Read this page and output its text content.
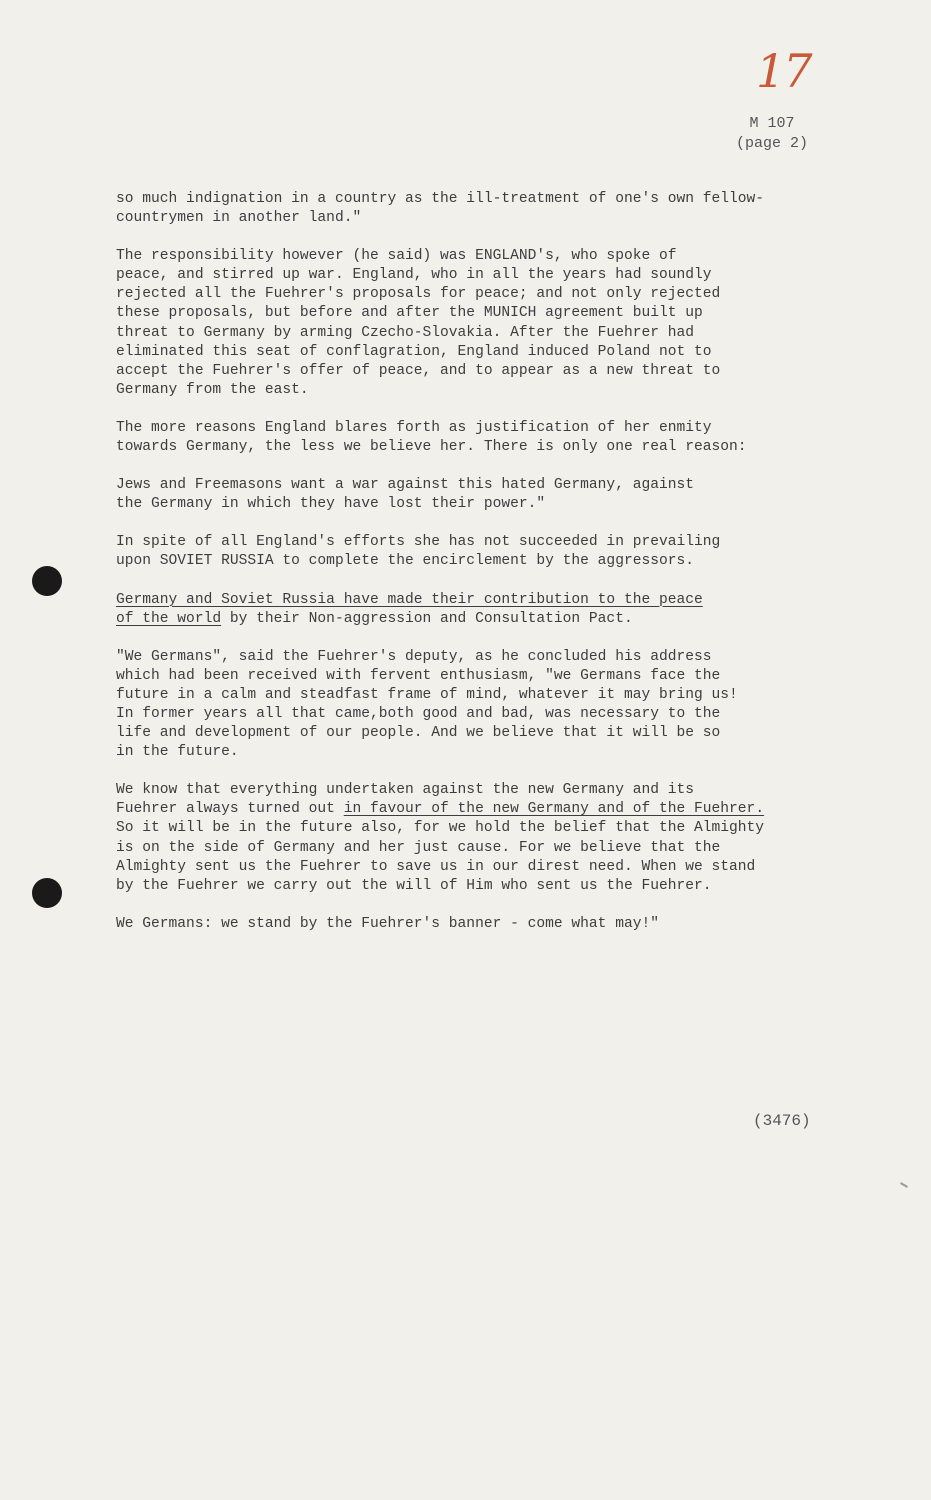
17
M 107
(page 2)

so much indignation in a country as the ill-treatment of one's own fellow-
countrymen in another land."

The responsibility however (he said) was ENGLAND's, who spoke of
peace, and stirred up war. England, who in all the years had soundly
rejected all the Fuehrer's proposals for peace; and not only rejected
these proposals, but before and after the MUNICH agreement built up
threat to Germany by arming Czecho-Slovakia. After the Fuehrer had
eliminated this seat of conflagration, England induced Poland not to
accept the Fuehrer's offer of peace, and to appear as a new threat to
Germany from the east.

The more reasons England blares forth as justification of her enmity
towards Germany, the less we believe her. There is only one real reason:

Jews and Freemasons want a war against this hated Germany, against
the Germany in which they have lost their power."

In spite of all England's efforts she has not succeeded in prevailing
upon SOVIET RUSSIA to complete the encirclement by the aggressors.

Germany and Soviet Russia have made their contribution to the peace
of the world by their Non-aggression and Consultation Pact.

"We Germans", said the Fuehrer's deputy, as he concluded his address
which had been received with fervent enthusiasm, "we Germans face the
future in a calm and steadfast frame of mind, whatever it may bring us!
In former years all that came,both good and bad, was necessary to the
life and development of our people. And we believe that it will be so
in the future.

We know that everything undertaken against the new Germany and its
Fuehrer always turned out in favour of the new Germany and of the Fuehrer.
So it will be in the future also, for we hold the belief that the Almighty
is on the side of Germany and her just cause. For we believe that the
Almighty sent us the Fuehrer to save us in our direst need. When we stand
by the Fuehrer we carry out the will of Him who sent us the Fuehrer.

We Germans: we stand by the Fuehrer's banner - come what may!"

(3476)
